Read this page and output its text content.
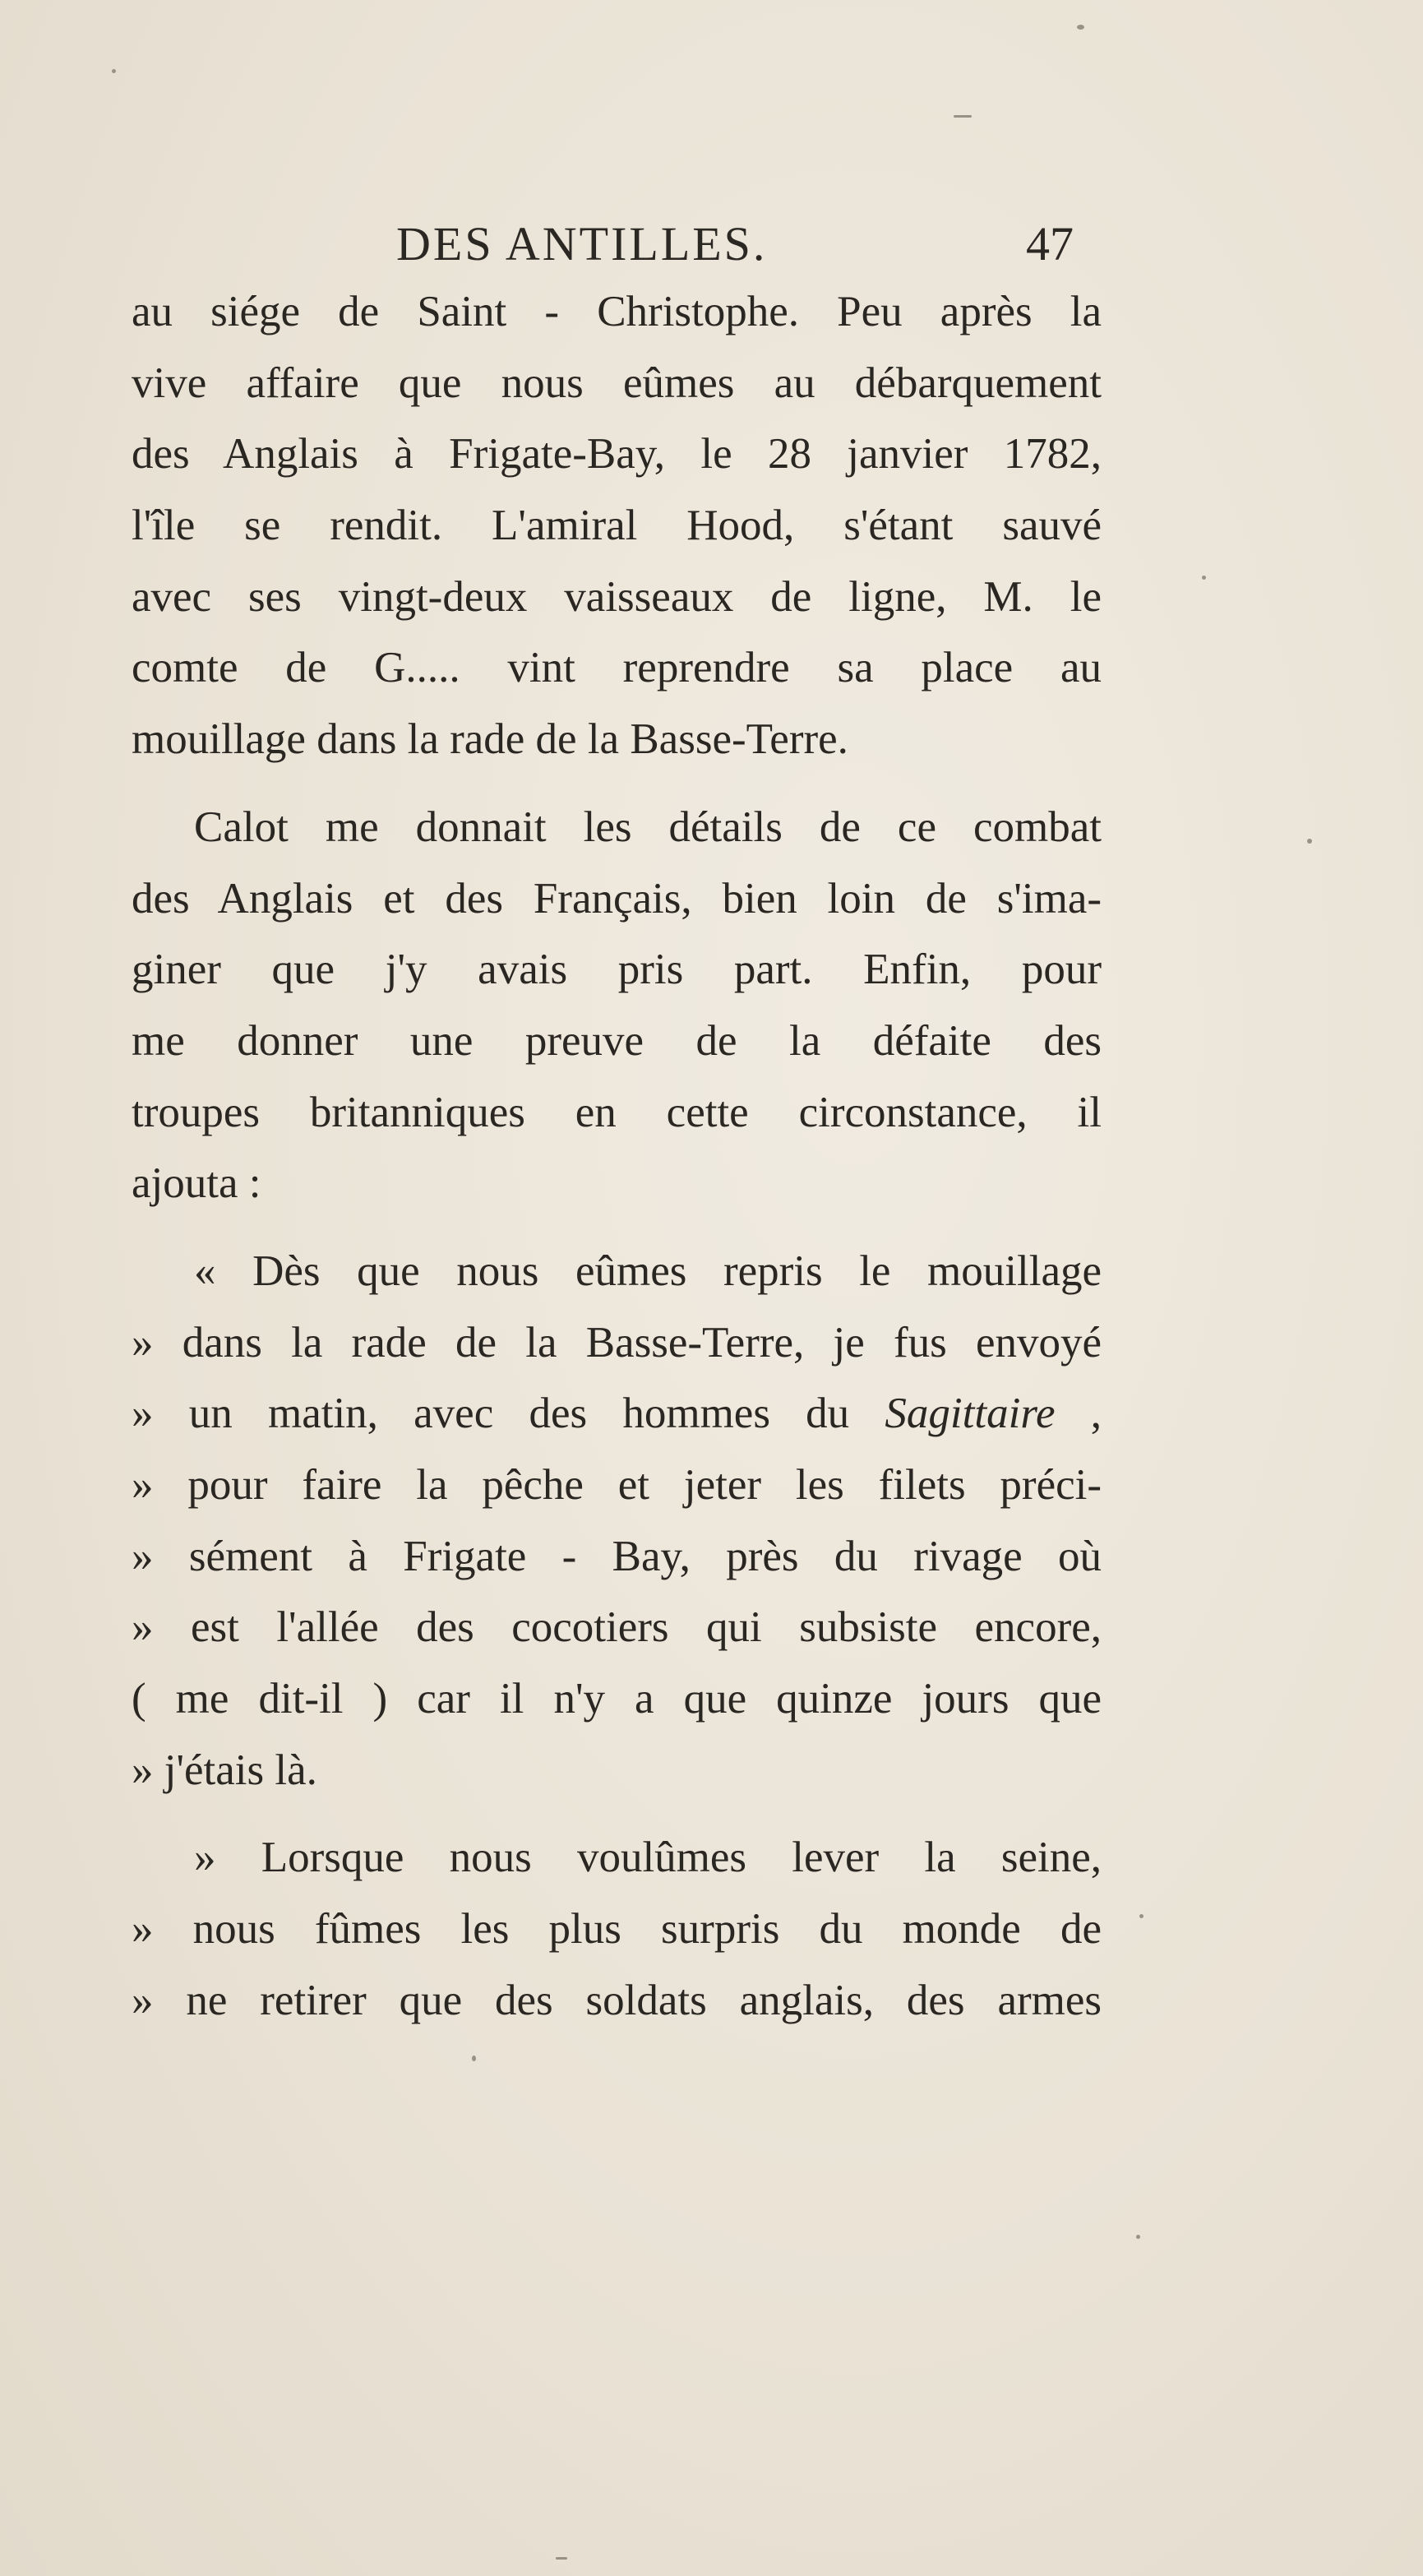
DES ANTILLES.	47
au siége de Saint - Christophe. Peu après la
vive affaire que nous eûmes au débarquement
des Anglais à Frigate-Bay, le 28 janvier 1782,
l'île se rendit. L'amiral Hood, s'étant sauvé
avec ses vingt-deux vaisseaux de ligne, M. le
comte de G..... vint reprendre sa place au
mouillage dans la rade de la Basse-Terre.
Calot me donnait les détails de ce combat
des Anglais et des Français, bien loin de s'ima-
giner que j'y avais pris part. Enfin, pour
me donner une preuve de la défaite des
troupes britanniques en cette circonstance, il
ajouta :
« Dès que nous eûmes repris le mouillage
» dans la rade de la Basse-Terre, je fus envoyé
» un matin, avec des hommes du Sagittaire ,
» pour faire la pêche et jeter les filets préci-
» sément à Frigate - Bay, près du rivage où
» est l'allée des cocotiers qui subsiste encore,
( me dit-il ) car il n'y a que quinze jours que
» j'étais là.
» Lorsque nous voulûmes lever la seine,
» nous fûmes les plus surpris du monde de
» ne retirer que des soldats anglais, des armes
